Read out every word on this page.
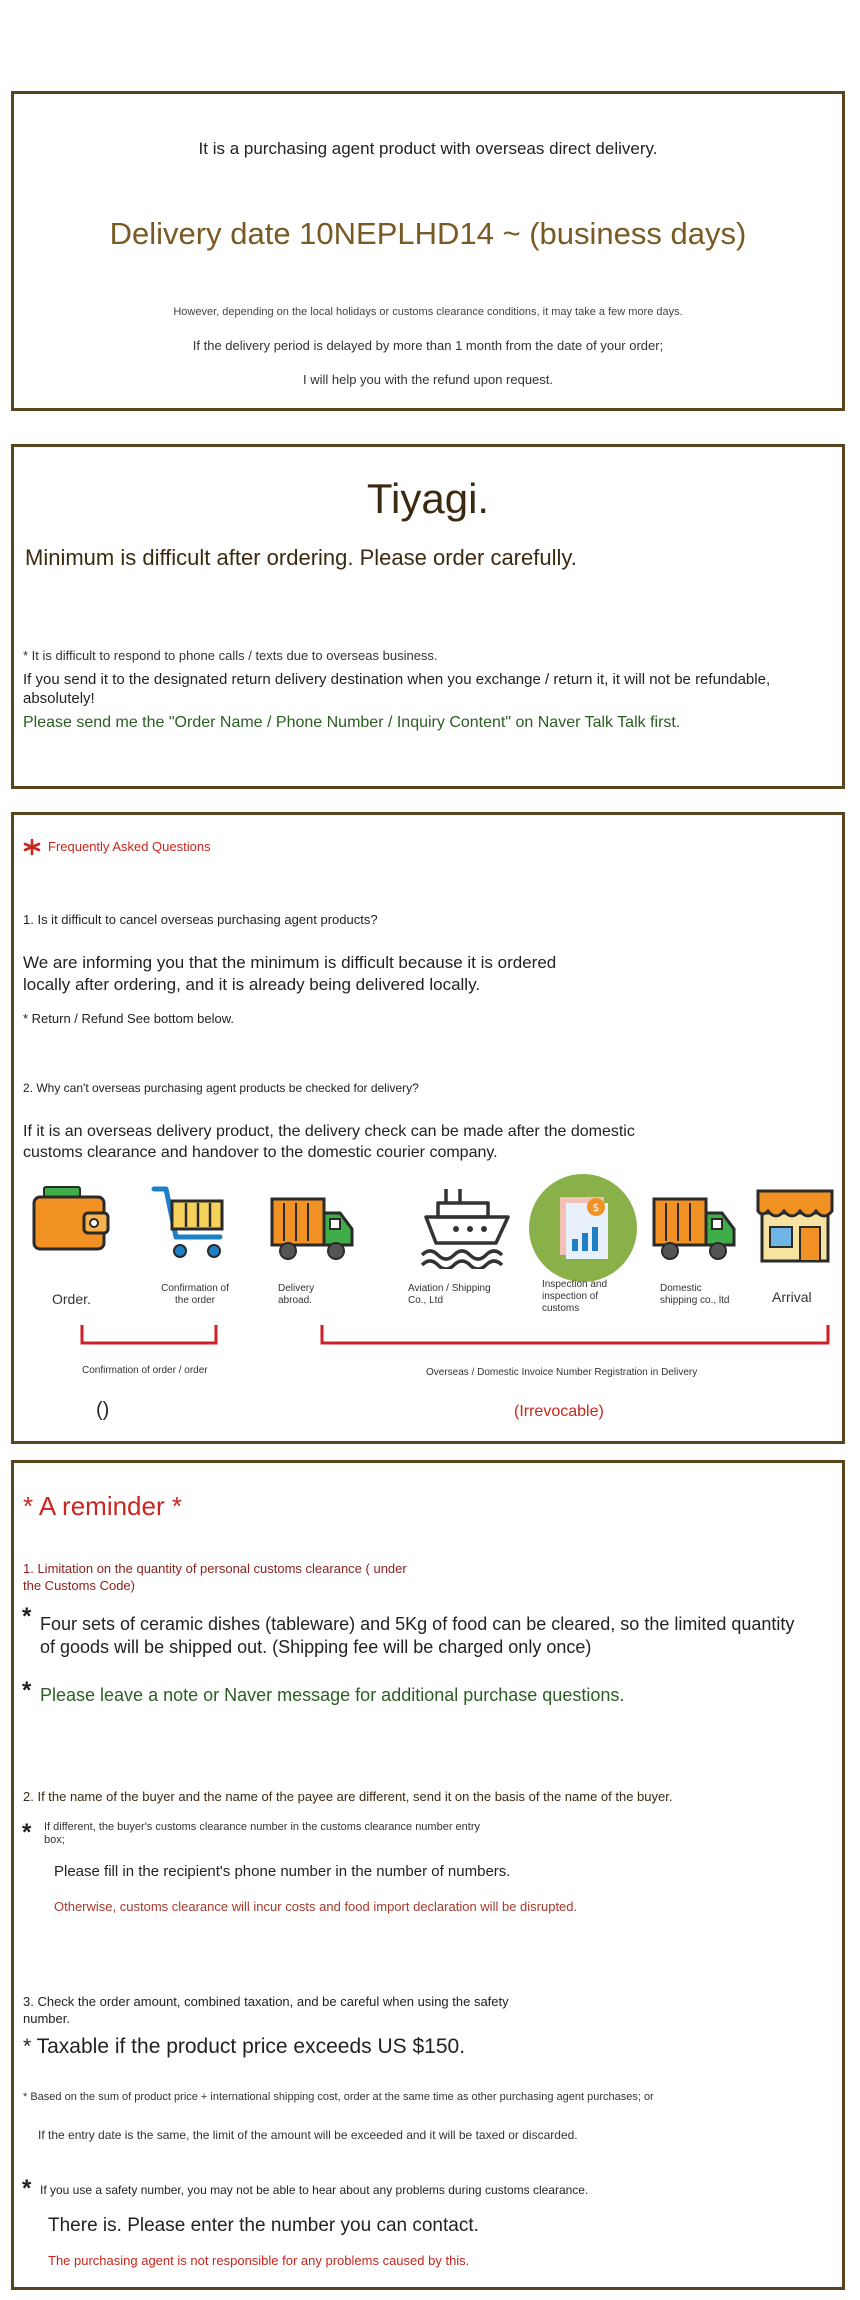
It is a purchasing agent product with overseas direct delivery.
Delivery date 10NEPLHD14 ~ (business days)
However, depending on the local holidays or customs clearance conditions, it may take a few more days.
If the delivery period is delayed by more than 1 month from the date of your order;
I will help you with the refund upon request.
Tiyagi.
Minimum is difficult after ordering. Please order carefully.
* It is difficult to respond to phone calls / texts due to overseas business.
If you send it to the designated return delivery destination when you exchange / return it, it will not be refundable, absolutely!
Please send me the "Order Name / Phone Number / Inquiry Content" on Naver Talk Talk first.
Frequently Asked Questions
1. Is it difficult to cancel overseas purchasing agent products?
We are informing you that the minimum is difficult because it is ordered locally after ordering, and it is already being delivered locally.
* Return / Refund See bottom below.
2. Why can't overseas purchasing agent products be checked for delivery?
If it is an overseas delivery product, the delivery check can be made after the domestic customs clearance and handover to the domestic courier company.
$
Order.
Confirmation of the order
Delivery abroad.
Aviation / Shipping Co., Ltd
Inspection and inspection of customs
Domestic shipping co., ltd	Arrival
Confirmation of order / order
()
Overseas / Domestic Invoice Number Registration in Delivery
(Irrevocable)
* A reminder *
1. Limitation on the quantity of personal customs clearance ( under the Customs Code)
* Four sets of ceramic dishes (tableware) and 5Kg of food can be cleared, so the limited quantity of goods will be shipped out. (Shipping fee will be charged only once)
* Please leave a note or Naver message for additional purchase questions.
2. If the name of the buyer and the name of the payee are different, send it on the basis of the name of the buyer.
* If different, the buyer's customs clearance number in the customs clearance number entry box;
Please fill in the recipient's phone number in the number of numbers.
Otherwise, customs clearance will incur costs and food import declaration will be disrupted.
3. Check the order amount, combined taxation, and be careful when using the safety number.
* Taxable if the product price exceeds US $150.
* Based on the sum of product price + international shipping cost, order at the same time as other purchasing agent purchases; or
If the entry date is the same, the limit of the amount will be exceeded and it will be taxed or discarded.
* If you use a safety number, you may not be able to hear about any problems during customs clearance.
There is. Please enter the number you can contact.
The purchasing agent is not responsible for any problems caused by this.
